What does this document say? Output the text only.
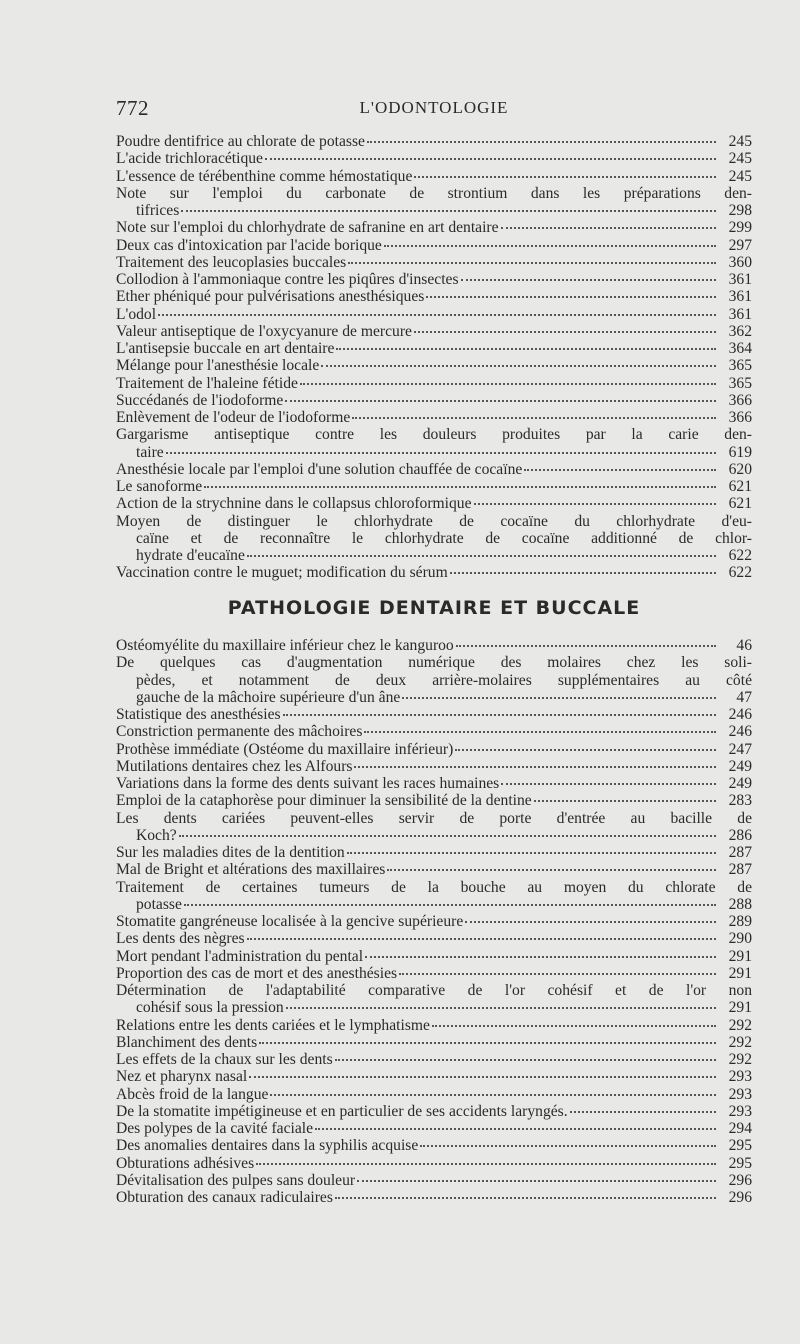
772	L'ODONTOLOGIE
Poudre dentifrice au chlorate de potasse	245
L'acide trichloracétique	245
L'essence de térébenthine comme hémostatique	245
Note sur l'emploi du carbonate de strontium dans les préparations den-
tifrices	298
Note sur l'emploi du chlorhydrate de safranine en art dentaire	299
Deux cas d'intoxication par l'acide borique	297
Traitement des leucoplasies buccales	360
Collodion à l'ammoniaque contre les piqûres d'insectes	361
Ether phéniqué pour pulvérisations anesthésiques	361
L'odol	361
Valeur antiseptique de l'oxycyanure de mercure	362
L'antisepsie buccale en art dentaire	364
Mélange pour l'anesthésie locale	365
Traitement de l'haleine fétide	365
Succédanés de l'iodoforme	366
Enlèvement de l'odeur de l'iodoforme	366
Gargarisme antiseptique contre les douleurs produites par la carie den-
taire	619
Anesthésie locale par l'emploi d'une solution chauffée de cocaïne	620
Le sanoforme	621
Action de la strychnine dans le collapsus chloroformique	621
Moyen de distinguer le chlorhydrate de cocaïne du chlorhydrate d'eu-
caïne et de reconnaître le chlorhydrate de cocaïne additionné de chlor-
hydrate d'eucaïne	622
Vaccination contre le muguet; modification du sérum	622
PATHOLOGIE DENTAIRE ET BUCCALE
Ostéomyélite du maxillaire inférieur chez le kanguroo	46
De quelques cas d'augmentation numérique des molaires chez les soli-
pèdes, et notamment de deux arrière-molaires supplémentaires au côté
gauche de la mâchoire supérieure d'un âne	47
Statistique des anesthésies	246
Constriction permanente des mâchoires	246
Prothèse immédiate (Ostéome du maxillaire inférieur)	247
Mutilations dentaires chez les Alfours	249
Variations dans la forme des dents suivant les races humaines	249
Emploi de la cataphorèse pour diminuer la sensibilité de la dentine	283
Les dents cariées peuvent-elles servir de porte d'entrée au bacille de
Koch?	286
Sur les maladies dites de la dentition	287
Mal de Bright et altérations des maxillaires	287
Traitement de certaines tumeurs de la bouche au moyen du chlorate de
potasse	288
Stomatite gangréneuse localisée à la gencive supérieure	289
Les dents des nègres	290
Mort pendant l'administration du pental	291
Proportion des cas de mort et des anesthésies	291
Détermination de l'adaptabilité comparative de l'or cohésif et de l'or non
cohésif sous la pression	291
Relations entre les dents cariées et le lymphatisme	292
Blanchiment des dents	292
Les effets de la chaux sur les dents	292
Nez et pharynx nasal	293
Abcès froid de la langue	293
De la stomatite impétigineuse et en particulier de ses accidents laryngés.	293
Des polypes de la cavité faciale	294
Des anomalies dentaires dans la syphilis acquise	295
Obturations adhésives	295
Dévitalisation des pulpes sans douleur	296
Obturation des canaux radiculaires	296
